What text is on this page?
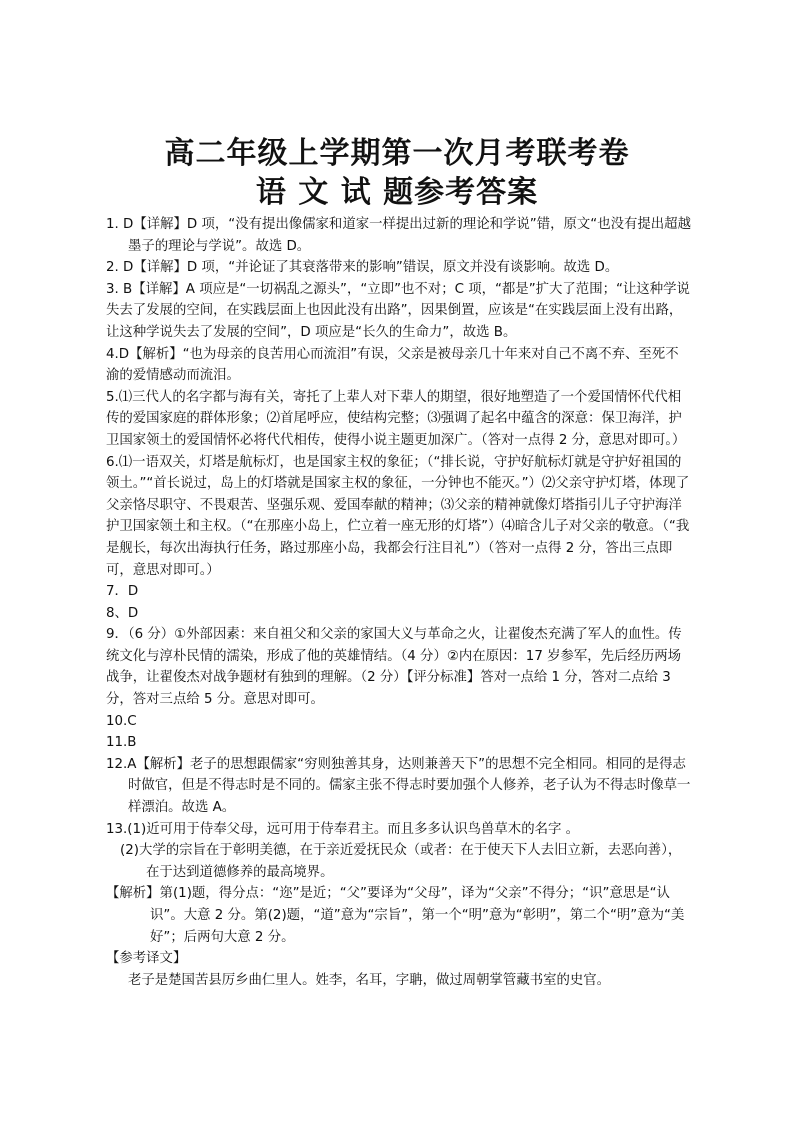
高二年级上学期第一次月考联考卷
语 文 试 题参考答案

1. D【详解】D 项，“没有提出像儒家和道家一样提出过新的理论和学说”错，原文“也没有提出超越墨子的理论与学说”。故选 D。

2. D【详解】D 项，“并论证了其衰落带来的影响”错误，原文并没有谈影响。故选 D。

3. B【详解】A 项应是“一切祸乱之源头”，“立即”也不对；C 项，“都是”扩大了范围；“让这种学说失去了发展的空间，在实践层面上也因此没有出路”，因果倒置，应该是“在实践层面上没有出路，让这种学说失去了发展的空间”，D 项应是“长久的生命力”，故选 B。

4.D【解析】“也为母亲的良苦用心而流泪”有误，父亲是被母亲几十年来对自己不离不弃、至死不渝的爱情感动而流泪。

5.⑴三代人的名字都与海有关，寄托了上辈人对下辈人的期望，很好地塑造了一个爱国情怀代代相传的爱国家庭的群体形象；⑵首尾呼应，使结构完整；⑶强调了起名中蕴含的深意：保卫海洋，护卫国家领土的爱国情怀必将代代相传，使得小说主题更加深广。（答对一点得 2 分，意思对即可。）

6.⑴一语双关，灯塔是航标灯，也是国家主权的象征；（“排长说，守护好航标灯就是守护好祖国的领土。”“首长说过，岛上的灯塔就是国家主权的象征，一分钟也不能灭。”）⑵父亲守护灯塔，体现了父亲恪尽职守、不畏艰苦、坚强乐观、爱国奉献的精神；⑶父亲的精神就像灯塔指引儿子守护海洋护卫国家领土和主权。（“在那座小岛上，伫立着一座无形的灯塔”）⑷暗含儿子对父亲的敬意。（“我是舰长，每次出海执行任务，路过那座小岛，我都会行注目礼”）（答对一点得 2 分，答出三点即可，意思对即可。）

7．D

8、D

9．（6 分）①外部因素：来自祖父和父亲的家国大义与革命之火，让翟俊杰充满了军人的血性。传统文化与淳朴民情的濡染，形成了他的英雄情结。（4 分）②内在原因：17 岁参军，先后经历两场战争，让翟俊杰对战争题材有独到的理解。（2 分）【评分标准】答对一点给 1 分，答对二点给 3 分，答对三点给 5 分。意思对即可。

10.C

11.B

12.A【解析】老子的思想跟儒家“穷则独善其身，达则兼善天下”的思想不完全相同。相同的是得志时做官，但是不得志时是不同的。儒家主张不得志时要加强个人修养，老子认为不得志时像草一样漂泊。故选 A。

13.(1)近可用于侍奉父母，远可用于侍奉君主。而且多多认识鸟兽草木的名字 。

(2)大学的宗旨在于彰明美德，在于亲近爱抚民众（或者：在于使天下人去旧立新，去恶向善），在于达到道德修养的最高境界。

【解析】第(1)题，得分点：“迩”是近；“父”要译为“父母”，译为“父亲”不得分；“识”意思是“认识”。大意 2 分。第(2)题，“道”意为“宗旨”，第一个“明”意为“彰明”，第二个“明”意为“美好”；后两句大意 2 分。

【参考译文】

老子是楚国苦县厉乡曲仁里人。姓李，名耳，字聃，做过周朝掌管藏书室的史官。
